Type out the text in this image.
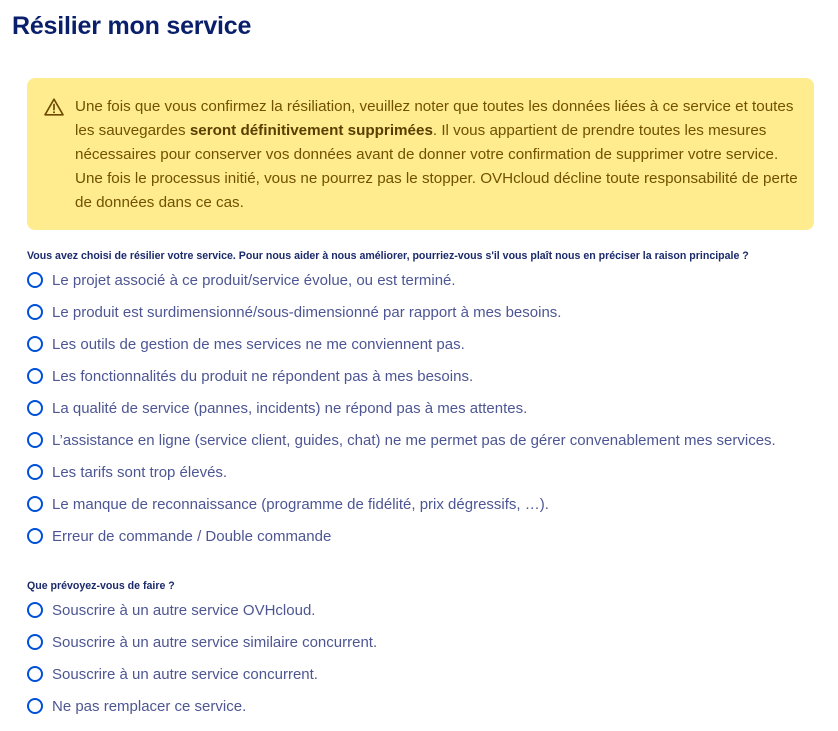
Résilier mon service

Une fois que vous confirmez la résiliation, veuillez noter que toutes les données liées à ce service et toutes les sauvegardes seront définitivement supprimées. Il vous appartient de prendre toutes les mesures nécessaires pour conserver vos données avant de donner votre confirmation de supprimer votre service. Une fois le processus initié, vous ne pourrez pas le stopper. OVHcloud décline toute responsabilité de perte de données dans ce cas.

Vous avez choisi de résilier votre service. Pour nous aider à nous améliorer, pourriez-vous s'il vous plaît nous en préciser la raison principale ?

Le projet associé à ce produit/service évolue, ou est terminé.
Le produit est surdimensionné/sous-dimensionné par rapport à mes besoins.
Les outils de gestion de mes services ne me conviennent pas.
Les fonctionnalités du produit ne répondent pas à mes besoins.
La qualité de service (pannes, incidents) ne répond pas à mes attentes.
L’assistance en ligne (service client, guides, chat) ne me permet pas de gérer convenablement mes services.
Les tarifs sont trop élevés.
Le manque de reconnaissance (programme de fidélité, prix dégressifs, …).
Erreur de commande / Double commande

Que prévoyez-vous de faire ?

Souscrire à un autre service OVHcloud.
Souscrire à un autre service similaire concurrent.
Souscrire à un autre service concurrent.
Ne pas remplacer ce service.
